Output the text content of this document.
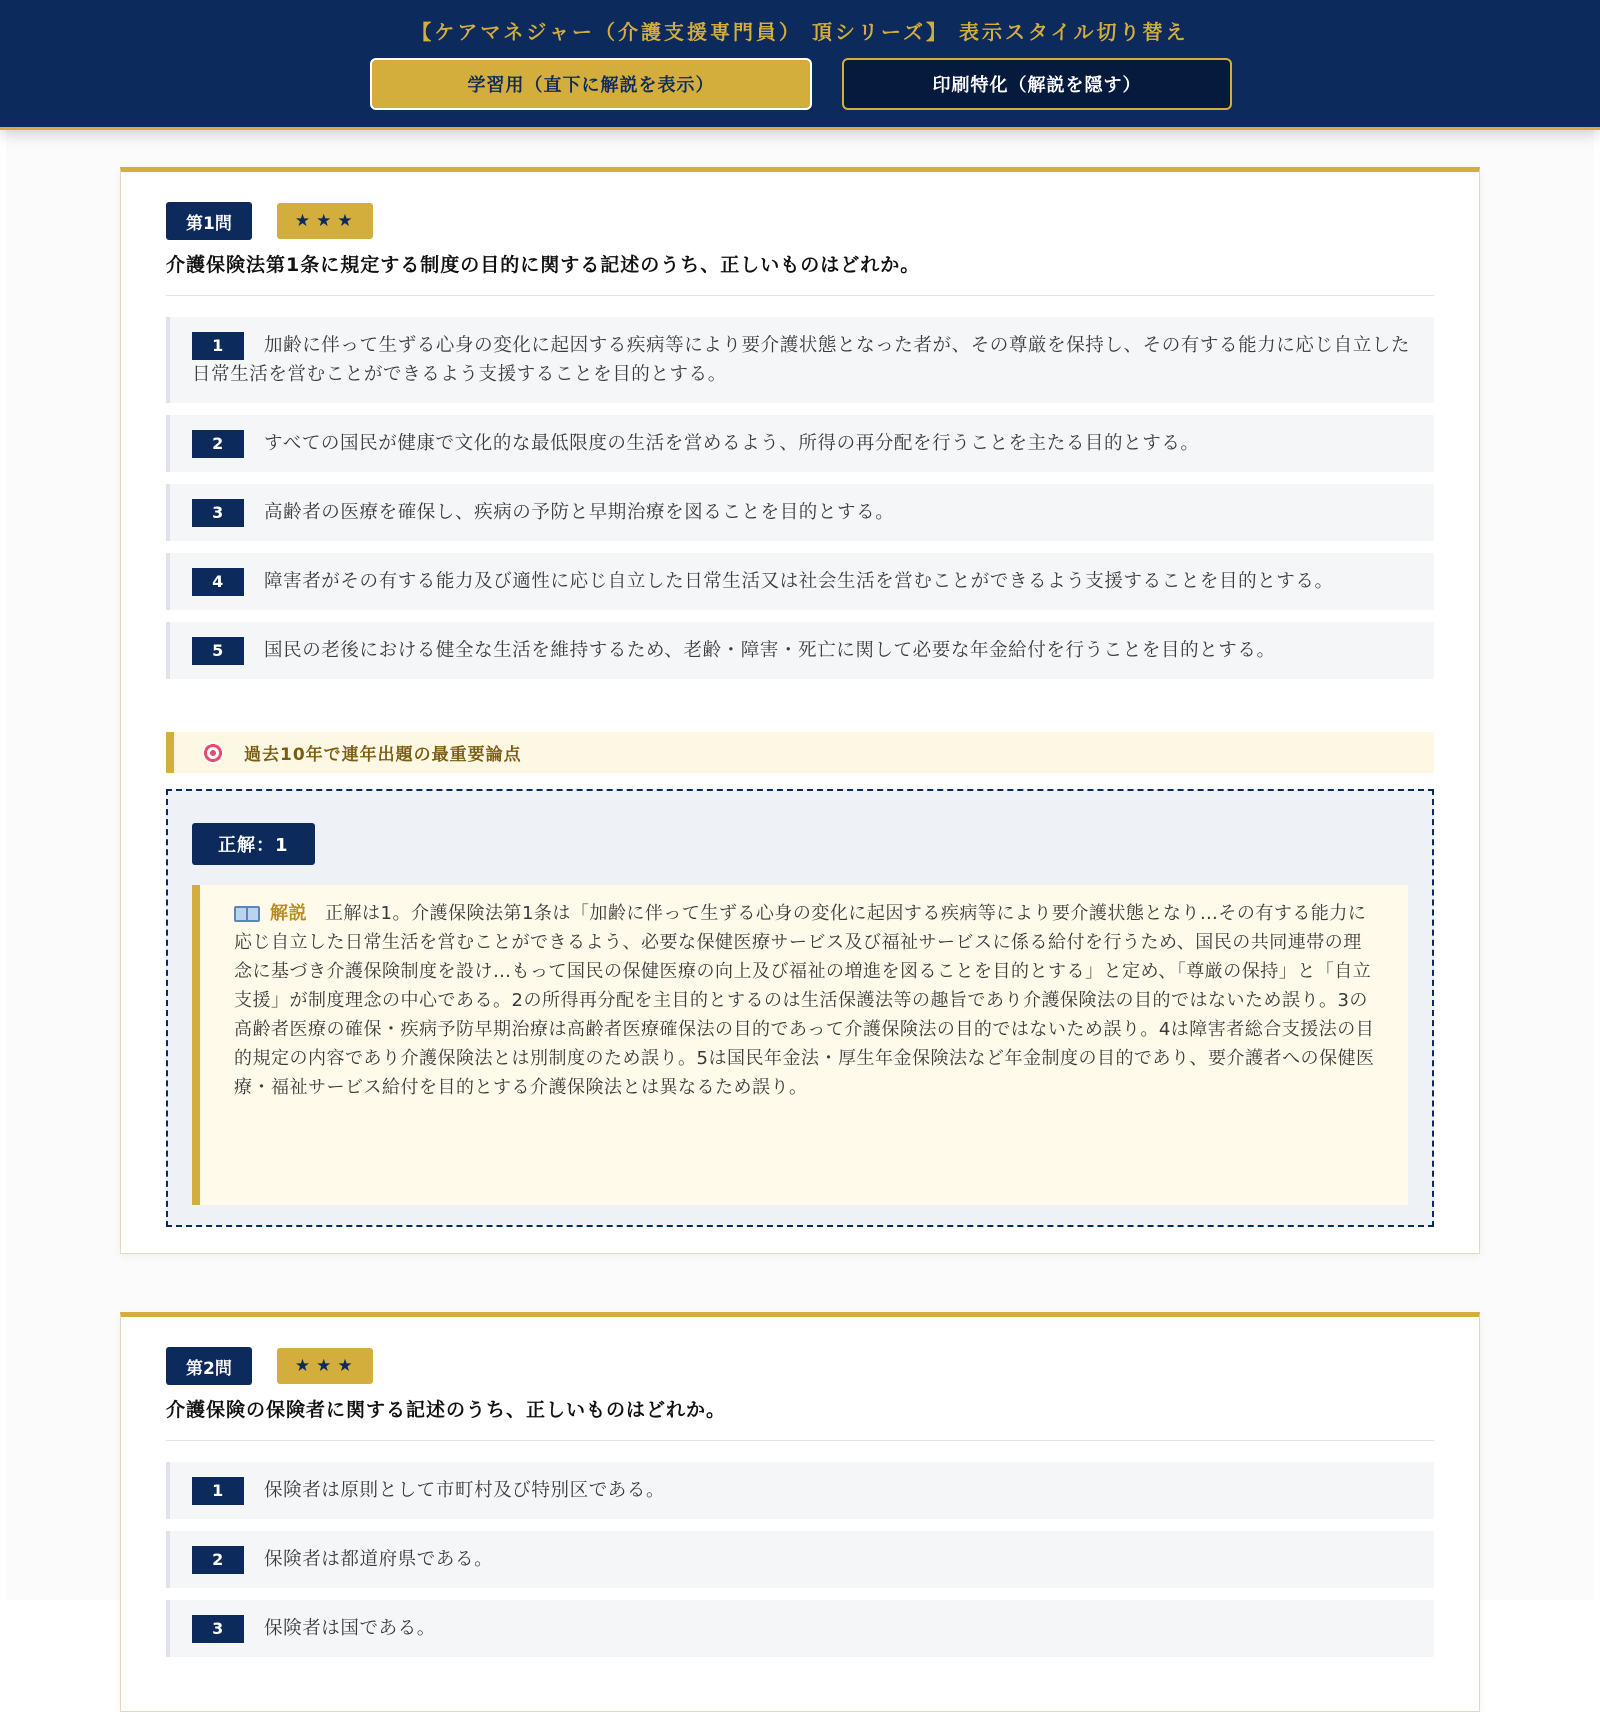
【ケアマネジャー（介護支援専門員） 頂シリーズ】 表示スタイル切り替え
学習用（直下に解説を表示）	印刷特化（解説を隠す）
第1問	★★★
介護保険法第1条に規定する制度の目的に関する記述のうち、正しいものはどれか。
1 加齢に伴って生ずる心身の変化に起因する疾病等により要介護状態となった者が、その尊厳を保持し、その有する能力に応じ自立した日常生活を営むことができるよう支援することを目的とする。
2 すべての国民が健康で文化的な最低限度の生活を営めるよう、所得の再分配を行うことを主たる目的とする。
3 高齢者の医療を確保し、疾病の予防と早期治療を図ることを目的とする。
4 障害者がその有する能力及び適性に応じ自立した日常生活又は社会生活を営むことができるよう支援することを目的とする。
5 国民の老後における健全な生活を維持するため、老齢・障害・死亡に関して必要な年金給付を行うことを目的とする。
過去10年で連年出題の最重要論点
正解：1
解説 正解は1。介護保険法第1条は「加齢に伴って生ずる心身の変化に起因する疾病等により要介護状態となり…その有する能力に応じ自立した日常生活を営むことができるよう、必要な保健医療サービス及び福祉サービスに係る給付を行うため、国民の共同連帯の理念に基づき介護保険制度を設け…もって国民の保健医療の向上及び福祉の増進を図ることを目的とする」と定め、「尊厳の保持」と「自立支援」が制度理念の中心である。2の所得再分配を主目的とするのは生活保護法等の趣旨であり介護保険法の目的ではないため誤り。3の高齢者医療の確保・疾病予防早期治療は高齢者医療確保法の目的であって介護保険法の目的ではないため誤り。4は障害者総合支援法の目的規定の内容であり介護保険法とは別制度のため誤り。5は国民年金法・厚生年金保険法など年金制度の目的であり、要介護者への保健医療・福祉サービス給付を目的とする介護保険法とは異なるため誤り。
第2問	★★★
介護保険の保険者に関する記述のうち、正しいものはどれか。
1 保険者は原則として市町村及び特別区である。
2 保険者は都道府県である。
3 保険者は国である。
